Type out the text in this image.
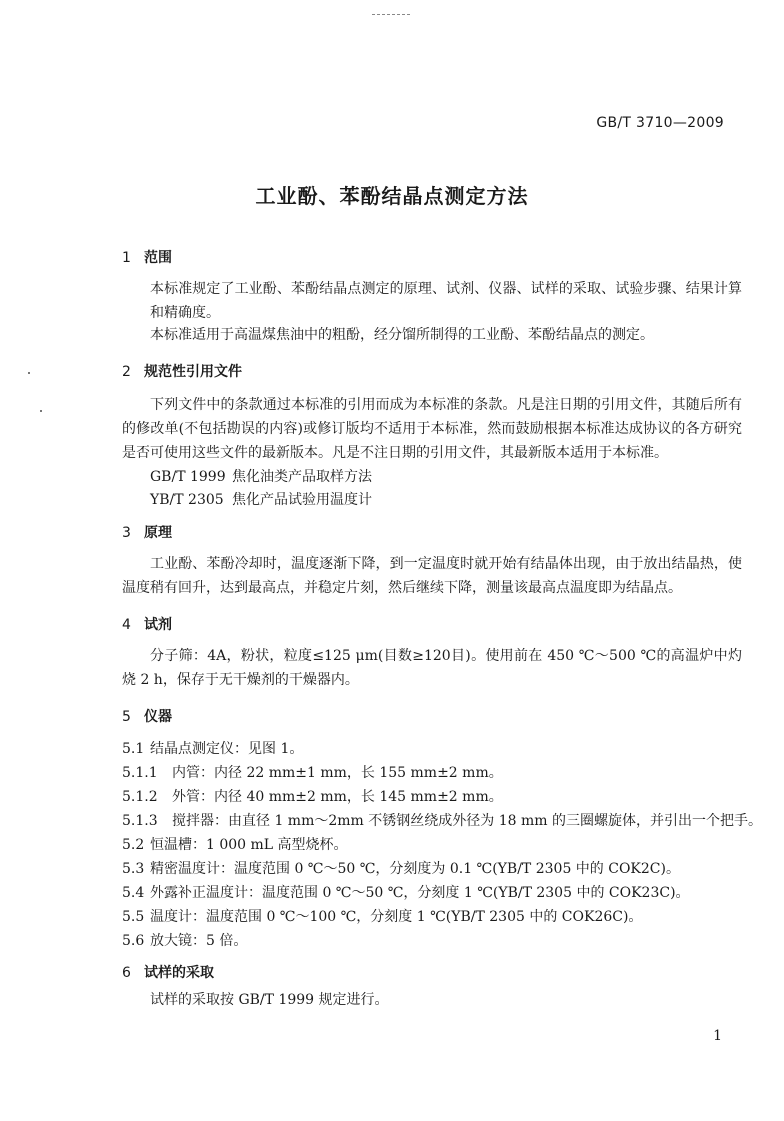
GB/T 3710—2009
工业酚、苯酚结晶点测定方法
1 范围

本标准规定了工业酚、苯酚结晶点测定的原理、试剂、仪器、试样的采取、试验步骤、结果计算和精确度。

本标准适用于高温煤焦油中的粗酚，经分馏所制得的工业酚、苯酚结晶点的测定。

2 规范性引用文件

下列文件中的条款通过本标准的引用而成为本标准的条款。凡是注日期的引用文件，其随后所有的修改单(不包括勘误的内容)或修订版均不适用于本标准，然而鼓励根据本标准达成协议的各方研究是否可使用这些文件的最新版本。凡是不注日期的引用文件，其最新版本适用于本标准。

GB/T 1999 焦化油类产品取样方法
YB/T 2305 焦化产品试验用温度计
3 原理

工业酚、苯酚冷却时，温度逐渐下降，到一定温度时就开始有结晶体出现，由于放出结晶热，使温度稍有回升，达到最高点，并稳定片刻，然后继续下降，测量该最高点温度即为结晶点。

4 试剂

分子筛：4A，粉状，粒度≤125 μm(目数≥120目)。使用前在 450 ℃～500 ℃的高温炉中灼烧 2 h，保存于无干燥剂的干燥器内。

5 仪器
5.1 结晶点测定仪：见图 1。
5.1.1 内管：内径 22 mm±1 mm，长 155 mm±2 mm。
5.1.2 外管：内径 40 mm±2 mm，长 145 mm±2 mm。
5.1.3 搅拌器：由直径 1 mm～2mm 不锈钢丝绕成外径为 18 mm 的三圈螺旋体，并引出一个把手。
5.2 恒温槽：1 000 mL 高型烧杯。
5.3 精密温度计：温度范围 0 ℃～50 ℃，分刻度为 0.1 ℃(YB/T 2305 中的 COK2C)。
5.4 外露补正温度计：温度范围 0 ℃～50 ℃，分刻度 1 ℃(YB/T 2305 中的 COK23C)。
5.5 温度计：温度范围 0 ℃～100 ℃，分刻度 1 ℃(YB/T 2305 中的 COK26C)。
5.6 放大镜：5 倍。
6 试样的采取

试样的采取按 GB/T 1999 规定进行。

1
